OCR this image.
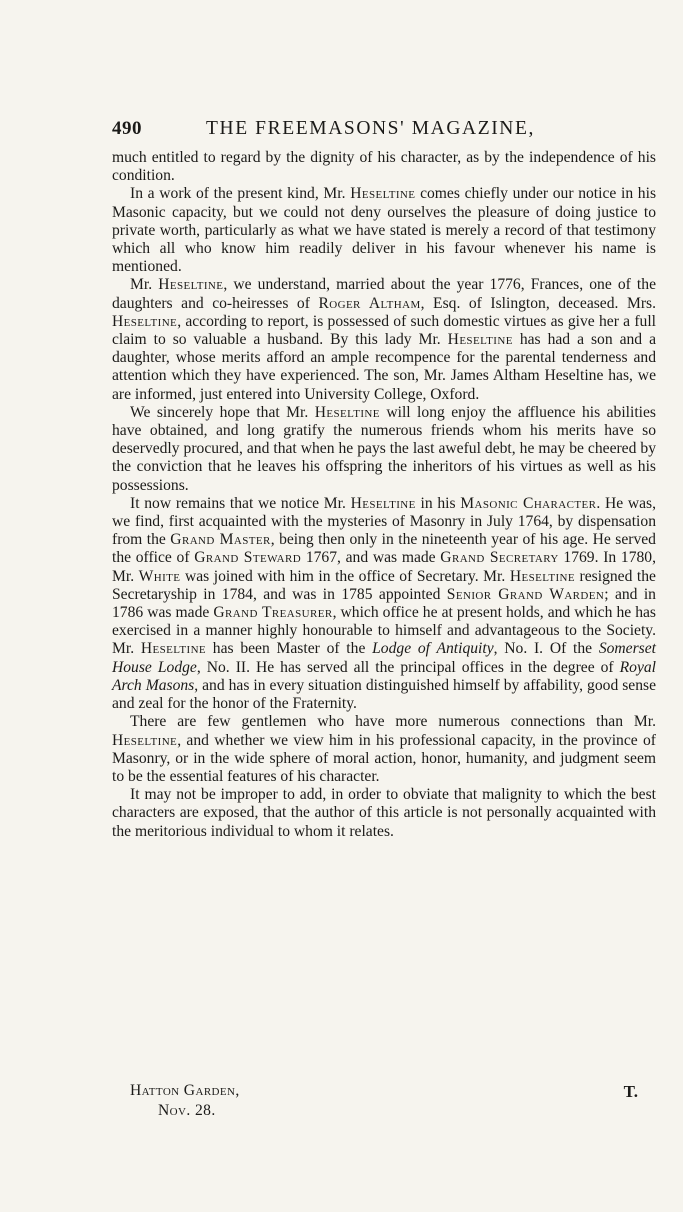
490	THE FREEMASONS' MAGAZINE,

much entitled to regard by the dignity of his character, as by the independence of his condition.

In a work of the present kind, Mr. Heseltine comes chiefly under our notice in his Masonic capacity, but we could not deny ourselves the pleasure of doing justice to private worth, particularly as what we have stated is merely a record of that testimony which all who know him readily deliver in his favour whenever his name is mentioned.

Mr. Heseltine, we understand, married about the year 1776, Frances, one of the daughters and co-heiresses of Roger Altham, Esq. of Islington, deceased. Mrs. Heseltine, according to report, is possessed of such domestic virtues as give her a full claim to so valuable a husband. By this lady Mr. Heseltine has had a son and a daughter, whose merits afford an ample recompence for the parental tenderness and attention which they have experienced. The son, Mr. James Altham Heseltine has, we are informed, just entered into University College, Oxford.

We sincerely hope that Mr. Heseltine will long enjoy the affluence his abilities have obtained, and long gratify the numerous friends whom his merits have so deservedly procured, and that when he pays the last aweful debt, he may be cheered by the conviction that he leaves his offspring the inheritors of his virtues as well as his possessions.

It now remains that we notice Mr. Heseltine in his Masonic Character. He was, we find, first acquainted with the mysteries of Masonry in July 1764, by dispensation from the Grand Master, being then only in the nineteenth year of his age. He served the office of Grand Steward 1767, and was made Grand Secretary 1769. In 1780, Mr. White was joined with him in the office of Secretary. Mr. Heseltine resigned the Secretaryship in 1784, and was in 1785 appointed Senior Grand Warden; and in 1786 was made Grand Treasurer, which office he at present holds, and which he has exercised in a manner highly honourable to himself and advantageous to the Society. Mr. Heseltine has been Master of the Lodge of Antiquity, No. I. Of the Somerset House Lodge, No. II. He has served all the principal offices in the degree of Royal Arch Masons, and has in every situation distinguished himself by affability, good sense and zeal for the honor of the Fraternity.

There are few gentlemen who have more numerous connections than Mr. Heseltine, and whether we view him in his professional capacity, in the province of Masonry, or in the wide sphere of moral action, honor, humanity, and judgment seem to be the essential features of his character.

It may not be improper to add, in order to obviate that malignity to which the best characters are exposed, that the author of this article is not personally acquainted with the meritorious individual to whom it relates.

Hatton Garden,
Nov. 28.
T.
